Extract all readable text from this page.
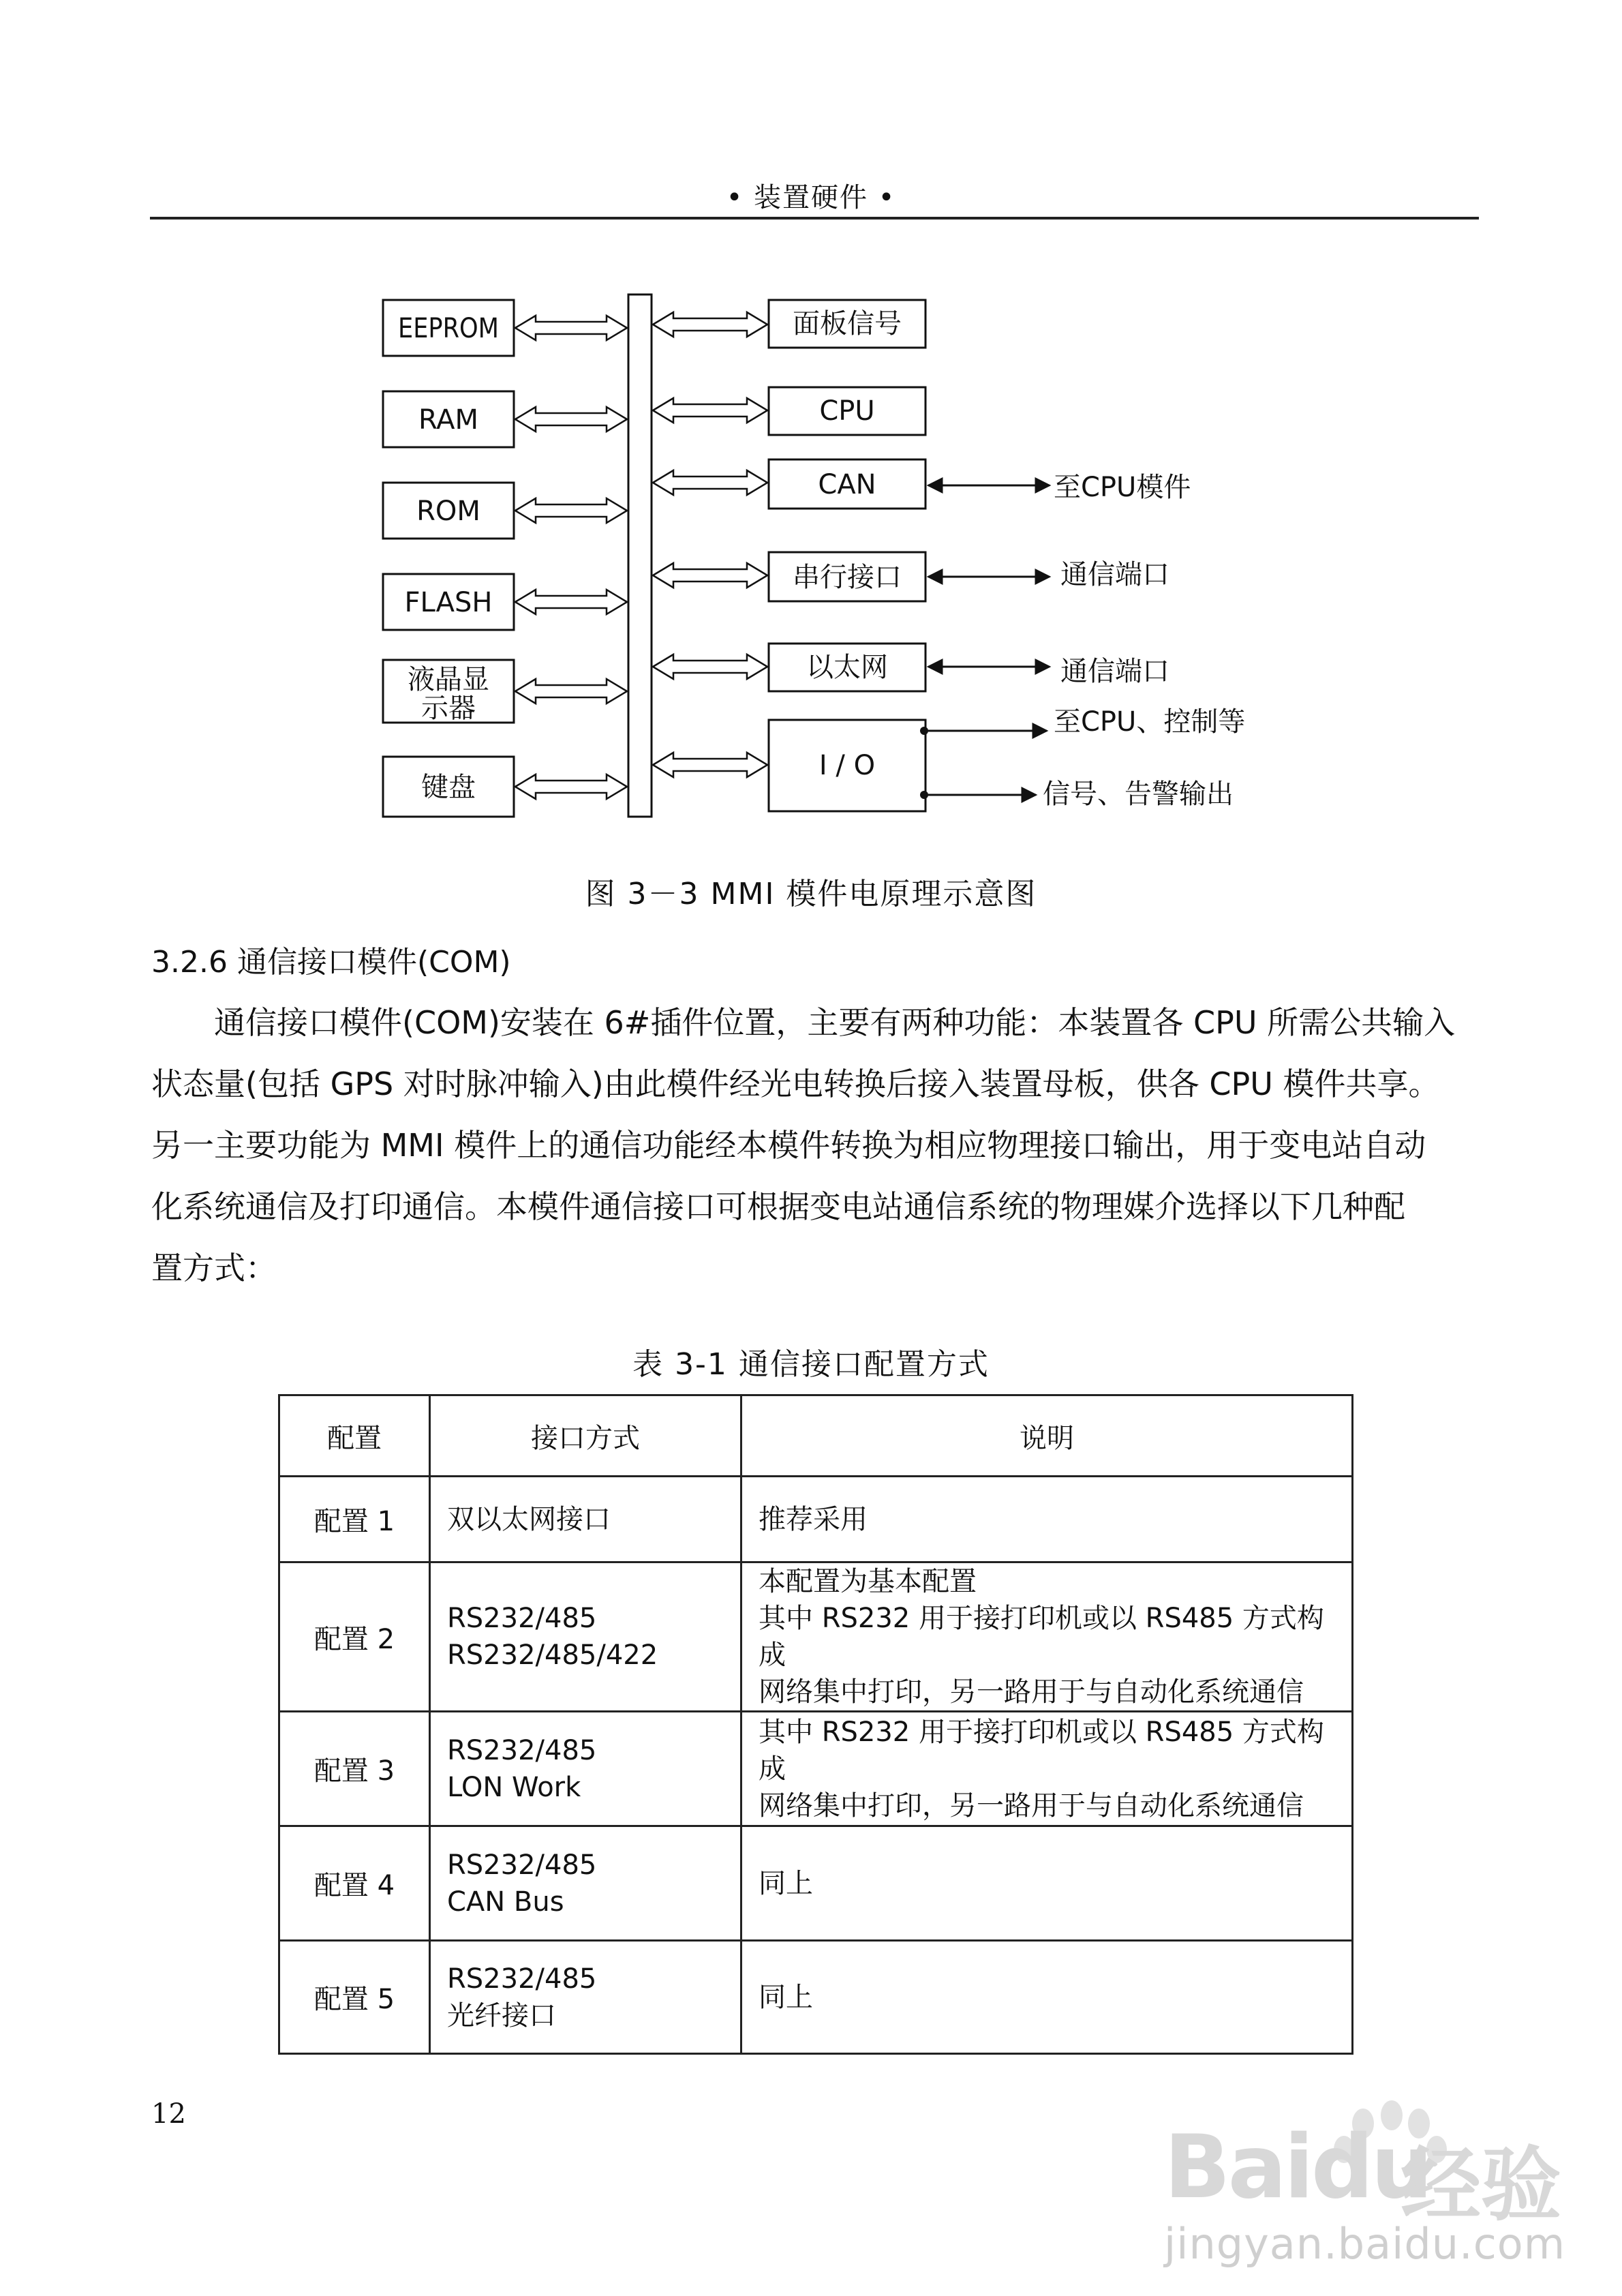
• 装置硬件 •
EEPROM
RAM
ROM
FLASH
液晶显
示器
键盘
面板信号
CPU
CAN
串行接口
以太网
I / O
至CPU模件
通信端口
通信端口
至CPU、控制等
信号、告警输出
图 3－3 MMI 模件电原理示意图
3.2.6 通信接口模件(COM)
通信接口模件(COM)安装在 6#插件位置，主要有两种功能：本装置各 CPU 所需公共输入
状态量(包括 GPS 对时脉冲输入)由此模件经光电转换后接入装置母板，供各 CPU 模件共享。
另一主要功能为 MMI 模件上的通信功能经本模件转换为相应物理接口输出，用于变电站自动
化系统通信及打印通信。本模件通信接口可根据变电站通信系统的物理媒介选择以下几种配
置方式：
表 3-1 通信接口配置方式
配置	接口方式	说明
配置 1	双以太网接口	推荐采用

配置 2	RS232/485
RS232/485/422	本配置为基本配置
其中 RS232 用于接打印机或以 RS485 方式构成
网络集中打印，另一路用于与自动化系统通信

配置 3	RS232/485
LON Work	其中 RS232 用于接打印机或以 RS485 方式构成
网络集中打印，另一路用于与自动化系统通信

配置 4	RS232/485
CAN Bus	同上

配置 5	RS232/485
光纤接口	同上
12
Baidu
经验
jingyan.baidu.com
